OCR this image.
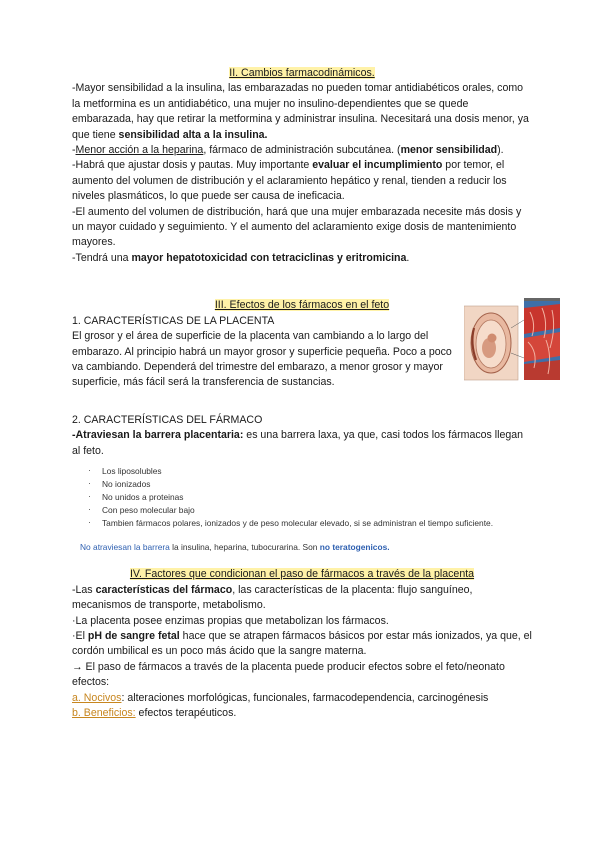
II. Cambios farmacodinámicos.

-Mayor sensibilidad a la insulina, las embarazadas no pueden tomar antidiabéticos orales, como la metformina es un antidiabético, una mujer no insulino-dependientes que se quede embarazada, hay que retirar la metformina y administrar insulina. Necesitará una dosis menor, ya que tiene sensibilidad alta a la insulina.

-Menor acción a la heparina, fármaco de administración subcutánea. (menor sensibilidad).

-Habrá que ajustar dosis y pautas. Muy importante evaluar el incumplimiento por temor, el aumento del volumen de distribución y el aclaramiento hepático y renal, tienden a reducir los niveles plasmáticos, lo que puede ser causa de ineficacia.

-El aumento del volumen de distribución, hará que una mujer embarazada necesite más dosis y un mayor cuidado y seguimiento. Y el aumento del aclaramiento exige dosis de mantenimiento mayores.

-Tendrá una mayor hepatotoxicidad con tetraciclinas y eritromicina.

III. Efectos de los fármacos en el feto

1. CARACTERÍSTICAS DE LA PLACENTA

El grosor y el área de superficie de la placenta van cambiando a lo largo del embarazo. Al principio habrá un mayor grosor y superficie pequeña. Poco a poco va cambiando. Dependerá del trimestre del embarazo, a menor grosor y mayor superficie, más fácil será la transferencia de sustancias.

2. CARACTERÍSTICAS DEL FÁRMACO

-Atraviesan la barrera placentaria: es una barrera laxa, ya que, casi todos los fármacos llegan al feto.

· Los liposolubles
· No ionizados
· No unidos a proteinas
· Con peso molecular bajo
· Tambien fármacos polares, ionizados y de peso molecular elevado, si se administran el tiempo suficiente.

No atraviesan la barrera la insulina, heparina, tubocurarina. Son no teratogenicos.

IV. Factores que condicionan el paso de fármacos a través de la placenta

-Las características del fármaco, las características de la placenta: flujo sanguíneo, mecanismos de transporte, metabolismo.

·La placenta posee enzimas propias que metabolizan los fármacos.

·El pH de sangre fetal hace que se atrapen fármacos básicos por estar más ionizados, ya que, el cordón umbilical es un poco más ácido que la sangre materna.

→ El paso de fármacos a través de la placenta puede producir efectos sobre el feto/neonato efectos:

a. Nocivos: alteraciones morfológicas, funcionales, farmacodependencia, carcinogénesis

b. Beneficios: efectos terapéuticos.
